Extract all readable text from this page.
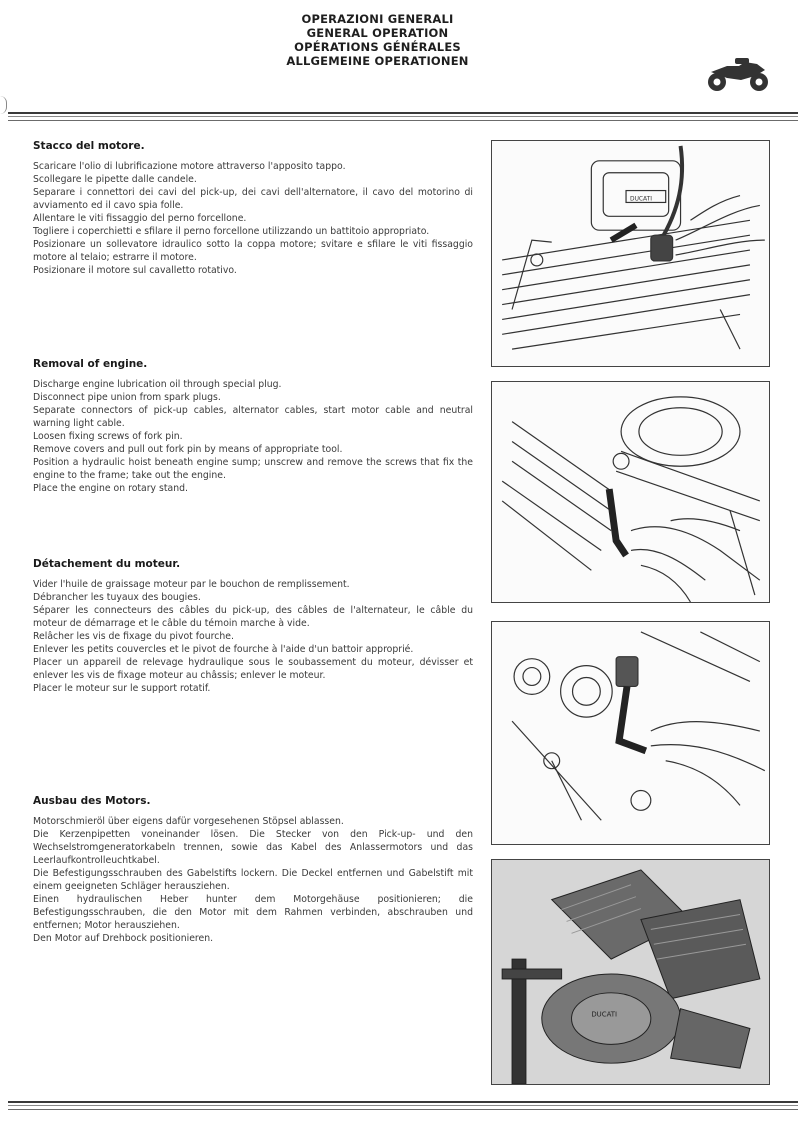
OPERAZIONI GENERALI
GENERAL OPERATION
OPÉRATIONS GÉNÉRALES
ALLGEMEINE OPERATIONEN
Stacco del motore.

Scaricare l'olio di lubrificazione motore attraverso l'apposito tappo.

Scollegare le pipette dalle candele.

Separare i connettori dei cavi del pick-up, dei cavi dell'alternatore, il cavo del motorino di avviamento ed il cavo spia folle.

Allentare le viti fissaggio del perno forcellone.

Togliere i coperchietti e sfilare il perno forcellone utilizzando un battitoio appropriato.

Posizionare un sollevatore idraulico sotto la coppa motore; svitare e sfilare le viti fissaggio motore al telaio; estrarre il motore.

Posizionare il motore sul cavalletto rotativo.

Removal of engine.

Discharge engine lubrication oil through special plug.

Disconnect pipe union from spark plugs.

Separate connectors of pick-up cables, alternator cables, start motor cable and neutral warning light cable.

Loosen fixing screws of fork pin.

Remove covers and pull out fork pin by means of appropriate tool.

Position a hydraulic hoist beneath engine sump; unscrew and remove the screws that fix the engine to the frame; take out the engine.

Place the engine on rotary stand.

Détachement du moteur.

Vider l'huile de graissage moteur par le bouchon de remplissement.

Débrancher les tuyaux des bougies.

Séparer les connecteurs des câbles du pick-up, des câbles de l'alternateur, le câble du moteur de démarrage et le câble du témoin marche à vide.

Relâcher les vis de fixage du pivot fourche.

Enlever les petits couvercles et le pivot de fourche à l'aide d'un battoir approprié.

Placer un appareil de relevage hydraulique sous le soubassement du moteur, dévisser et enlever les vis de fixage moteur au châssis; enlever le moteur.

Placer le moteur sur le support rotatif.

Ausbau des Motors.

Motorschmieröl über eigens dafür vorgesehenen Stöpsel ablassen.

Die Kerzenpipetten voneinander lösen. Die Stecker von den Pick-up- und den Wechselstromgeneratorkabeln trennen, sowie das Kabel des Anlassermotors und das Leerlaufkontrolleuchtkabel.

Die Befestigungsschrauben des Gabelstifts lockern. Die Deckel entfernen und Gabelstift mit einem geeigneten Schläger herausziehen.

Einen hydraulischen Heber hunter dem Motorgehäuse positionieren; die Befestigungsschrauben, die den Motor mit dem Rahmen verbinden, abschrauben und entfernen; Motor herausziehen.

Den Motor auf Drehbock positionieren.

DUCATI
DUCATI
